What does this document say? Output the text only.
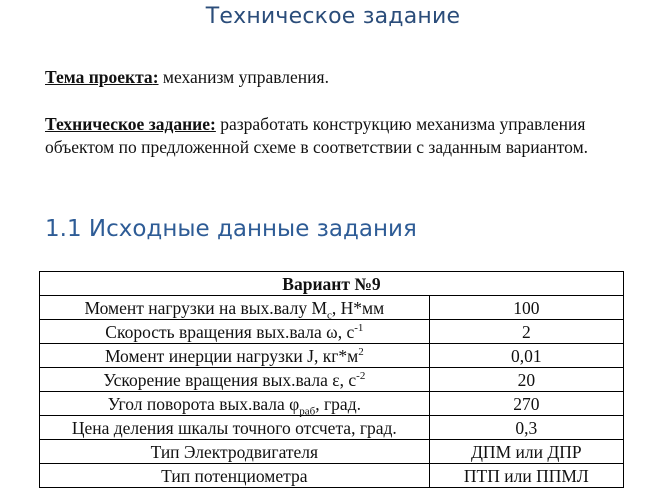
Техническое задание
Тема проекта: механизм управления.
Техническое задание: разработать конструкцию механизма управления объектом по предложенной схеме в соответствии с заданным вариантом.
1.1 Исходные данные задания
Вариант №9	
Момент нагрузки на вых.валу $M_c$, Н*мм	100
Скорость вращения вых.вала ω, $с^{-1}$	2
Момент инерции нагрузки J, $кг*м^2$	0,01
Ускорение вращения вых.вала ε, $с^{-2}$	20
Угол поворота вых.вала $\varphi_{раб}$, град.	270
Цена деления шкалы точного отсчета, град.	0,3
Тип Электродвигателя	ДПМ или ДПР
Тип потенциометра	ПТП или ППМЛ
